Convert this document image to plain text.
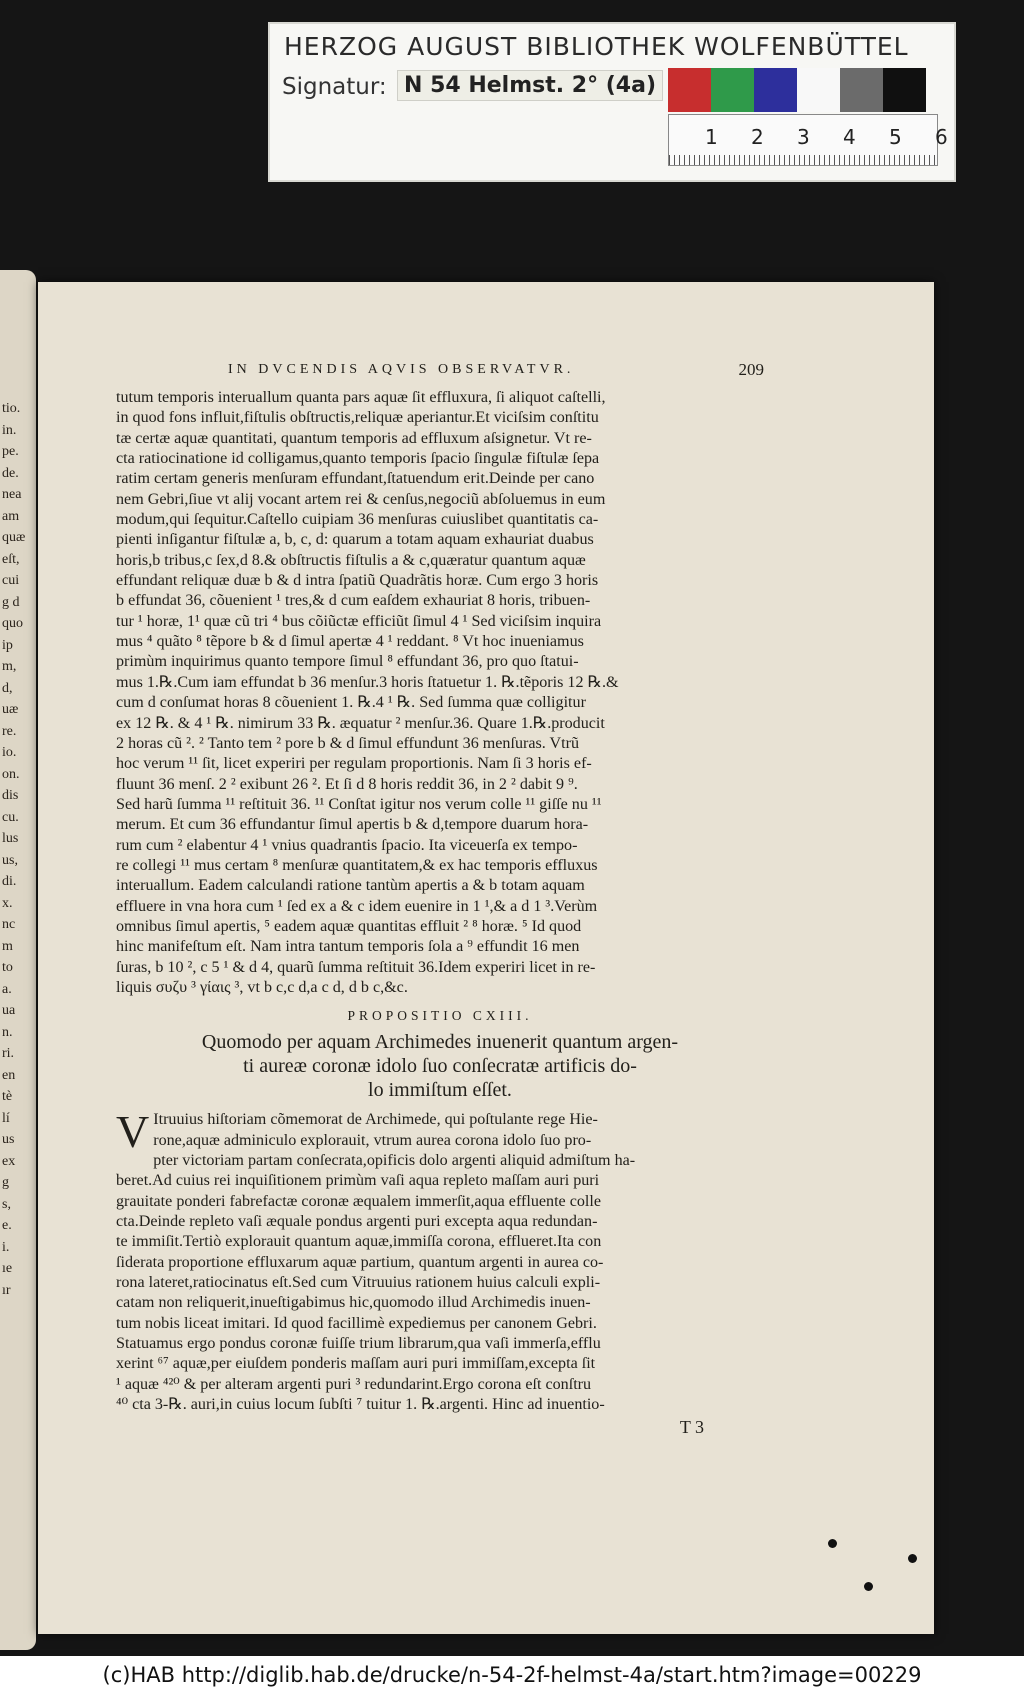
HERZOG AUGUST BIBLIOTHEK WOLFENBÜTTEL
Signatur: N 54 Helmst. 2° (4a)
1 2 3 4 5 6
tio.
in.
pe.
de.
nea
am
quæ
eſt,
cui
g d
quo
ip
m,
d,
uæ
re.
io.
on.
dis
cu.
lus
us,
di.
x.
nc
m
to
a.
ua
n.
ri.
en
tè
lí
us
ex
g
s,
e.
i.
ıe
ır
IN DVCENDIS AQVIS OBSERVATVR.	209
tutum temporis interuallum quanta pars aquæ ſit effluxura, ſi aliquot caſtelli,
in quod fons influit,fiſtulis obſtructis,reliquæ aperiantur.Et viciſsim conſtitu
tæ certæ aquæ quantitati, quantum temporis ad effluxum aſsignetur. Vt re-
cta ratiocinatione id colligamus,quanto temporis ſpacio ſingulæ fiſtulæ ſepa
ratim certam generis menſuram effundant,ſtatuendum erit.Deinde per cano
nem Gebri,ſiue vt alij vocant artem rei & cenſus,negociũ abſoluemus in eum
modum,qui ſequitur.Caſtello cuipiam 36 menſuras cuiuslibet quantitatis ca-
pienti inſigantur fiſtulæ a, b, c, d: quarum a totam aquam exhauriat duabus
horis,b tribus,c ſex,d 8.& obſtructis fiſtulis a & c,quæratur quantum aquæ
effundant reliquæ duæ b & d intra ſpatiũ Quadrãtis horæ. Cum ergo 3 horis
b effundat 36, cõuenient ¹ tres,& d cum eaſdem exhauriat 8 horis, tribuen-
tur ¹ horæ, 1¹ quæ cũ tri ⁴ bus cõiũctæ efficiũt ſimul 4 ¹ Sed viciſsim inquira
mus ⁴ quãto ⁸ tẽpore b & d ſimul apertæ 4 ¹ reddant. ⁸ Vt hoc inueniamus
primùm inquirimus quanto tempore ſimul ⁸ effundant 36, pro quo ſtatui-
mus 1.℞.Cum iam effundat b 36 menſur.3 horis ſtatuetur 1. ℞.tẽporis 12 ℞.&
cum d conſumat horas 8 cõuenient 1. ℞.4 ¹ ℞. Sed ſumma quæ colligitur
ex 12 ℞. & 4 ¹ ℞. nimirum 33 ℞. æquatur ² menſur.36. Quare 1.℞.producit
2 horas cũ ². ² Tanto tem ² pore b & d ſimul effundunt 36 menſuras. Vtrũ
hoc verum ¹¹ ſit, licet experiri per regulam proportionis. Nam ſi 3 horis ef-
fluunt 36 menſ. 2 ² exibunt 26 ². Et ſi d 8 horis reddit 36, in 2 ² dabit 9 ⁹.
Sed harũ ſumma ¹¹ reſtituit 36. ¹¹ Conſtat igitur nos verum colle ¹¹ giſſe nu ¹¹
merum. Et cum 36 effundantur ſimul apertis b & d,tempore duarum hora-
rum cum ² elabentur 4 ¹ vnius quadrantis ſpacio. Ita viceuerſa ex tempo-
re collegi ¹¹ mus certam ⁸ menſuræ quantitatem,& ex hac temporis effluxus
interuallum. Eadem calculandi ratione tantùm apertis a & b totam aquam
effluere in vna hora cum ¹ ſed ex a & c idem euenire in 1 ¹,& a d 1 ³.Verùm
omnibus ſimul apertis, ⁵ eadem aquæ quantitas effluit ² ⁸ horæ. ⁵ Id quod
hinc manifeſtum eſt. Nam intra tantum temporis ſola a ⁹ effundit 16 men
ſuras, b 10 ², c 5 ¹ & d 4, quarũ ſumma reſtituit 36.Idem experiri licet in re-
liquis συζυ ³ γίαις ³, vt b c,c d,a c d, d b c,&c.
PROPOSITIO CXIII.
Quomodo per aquam Archimedes inuenerit quantum argen-
ti aureæ coronæ idolo ſuo conſecratæ artificis do-
lo immiſtum eſſet.
V Itruuius hiſtoriam cõmemorat de Archimede, qui poſtulante rege Hie-
rone,aquæ adminiculo explorauit, vtrum aurea corona idolo ſuo pro-
pter victoriam partam conſecrata,opificis dolo argenti aliquid admiſtum ha-
beret.Ad cuius rei inquiſitionem primùm vaſi aqua repleto maſſam auri puri
grauitate ponderi fabrefactæ coronæ æqualem immerſit,aqua effluente colle
cta.Deinde repleto vaſi æquale pondus argenti puri excepta aqua redundan-
te immiſit.Tertiò explorauit quantum aquæ,immiſſa corona, efflueret.Ita con
ſiderata proportione effluxarum aquæ partium, quantum argenti in aurea co-
rona lateret,ratiocinatus eſt.Sed cum Vitruuius rationem huius calculi expli-
catam non reliquerit,inueſtigabimus hic,quomodo illud Archimedis inuen-
tum nobis liceat imitari. Id quod facillimè expediemus per canonem Gebri.
Statuamus ergo pondus coronæ fuiſſe trium librarum,qua vaſi immerſa,efflu
xerint ⁶⁷ aquæ,per eiuſdem ponderis maſſam auri puri immiſſam,excepta ſit
¹ aquæ ⁴²⁰ & per alteram argenti puri ³ redundarint.Ergo corona eſt conſtru
⁴⁰ cta 3-℞. auri,in cuius locum ſubſti ⁷ tuitur 1. ℞.argenti. Hinc ad inuentio-
T 3
(c)HAB http://diglib.hab.de/drucke/n-54-2f-helmst-4a/start.htm?image=00229
